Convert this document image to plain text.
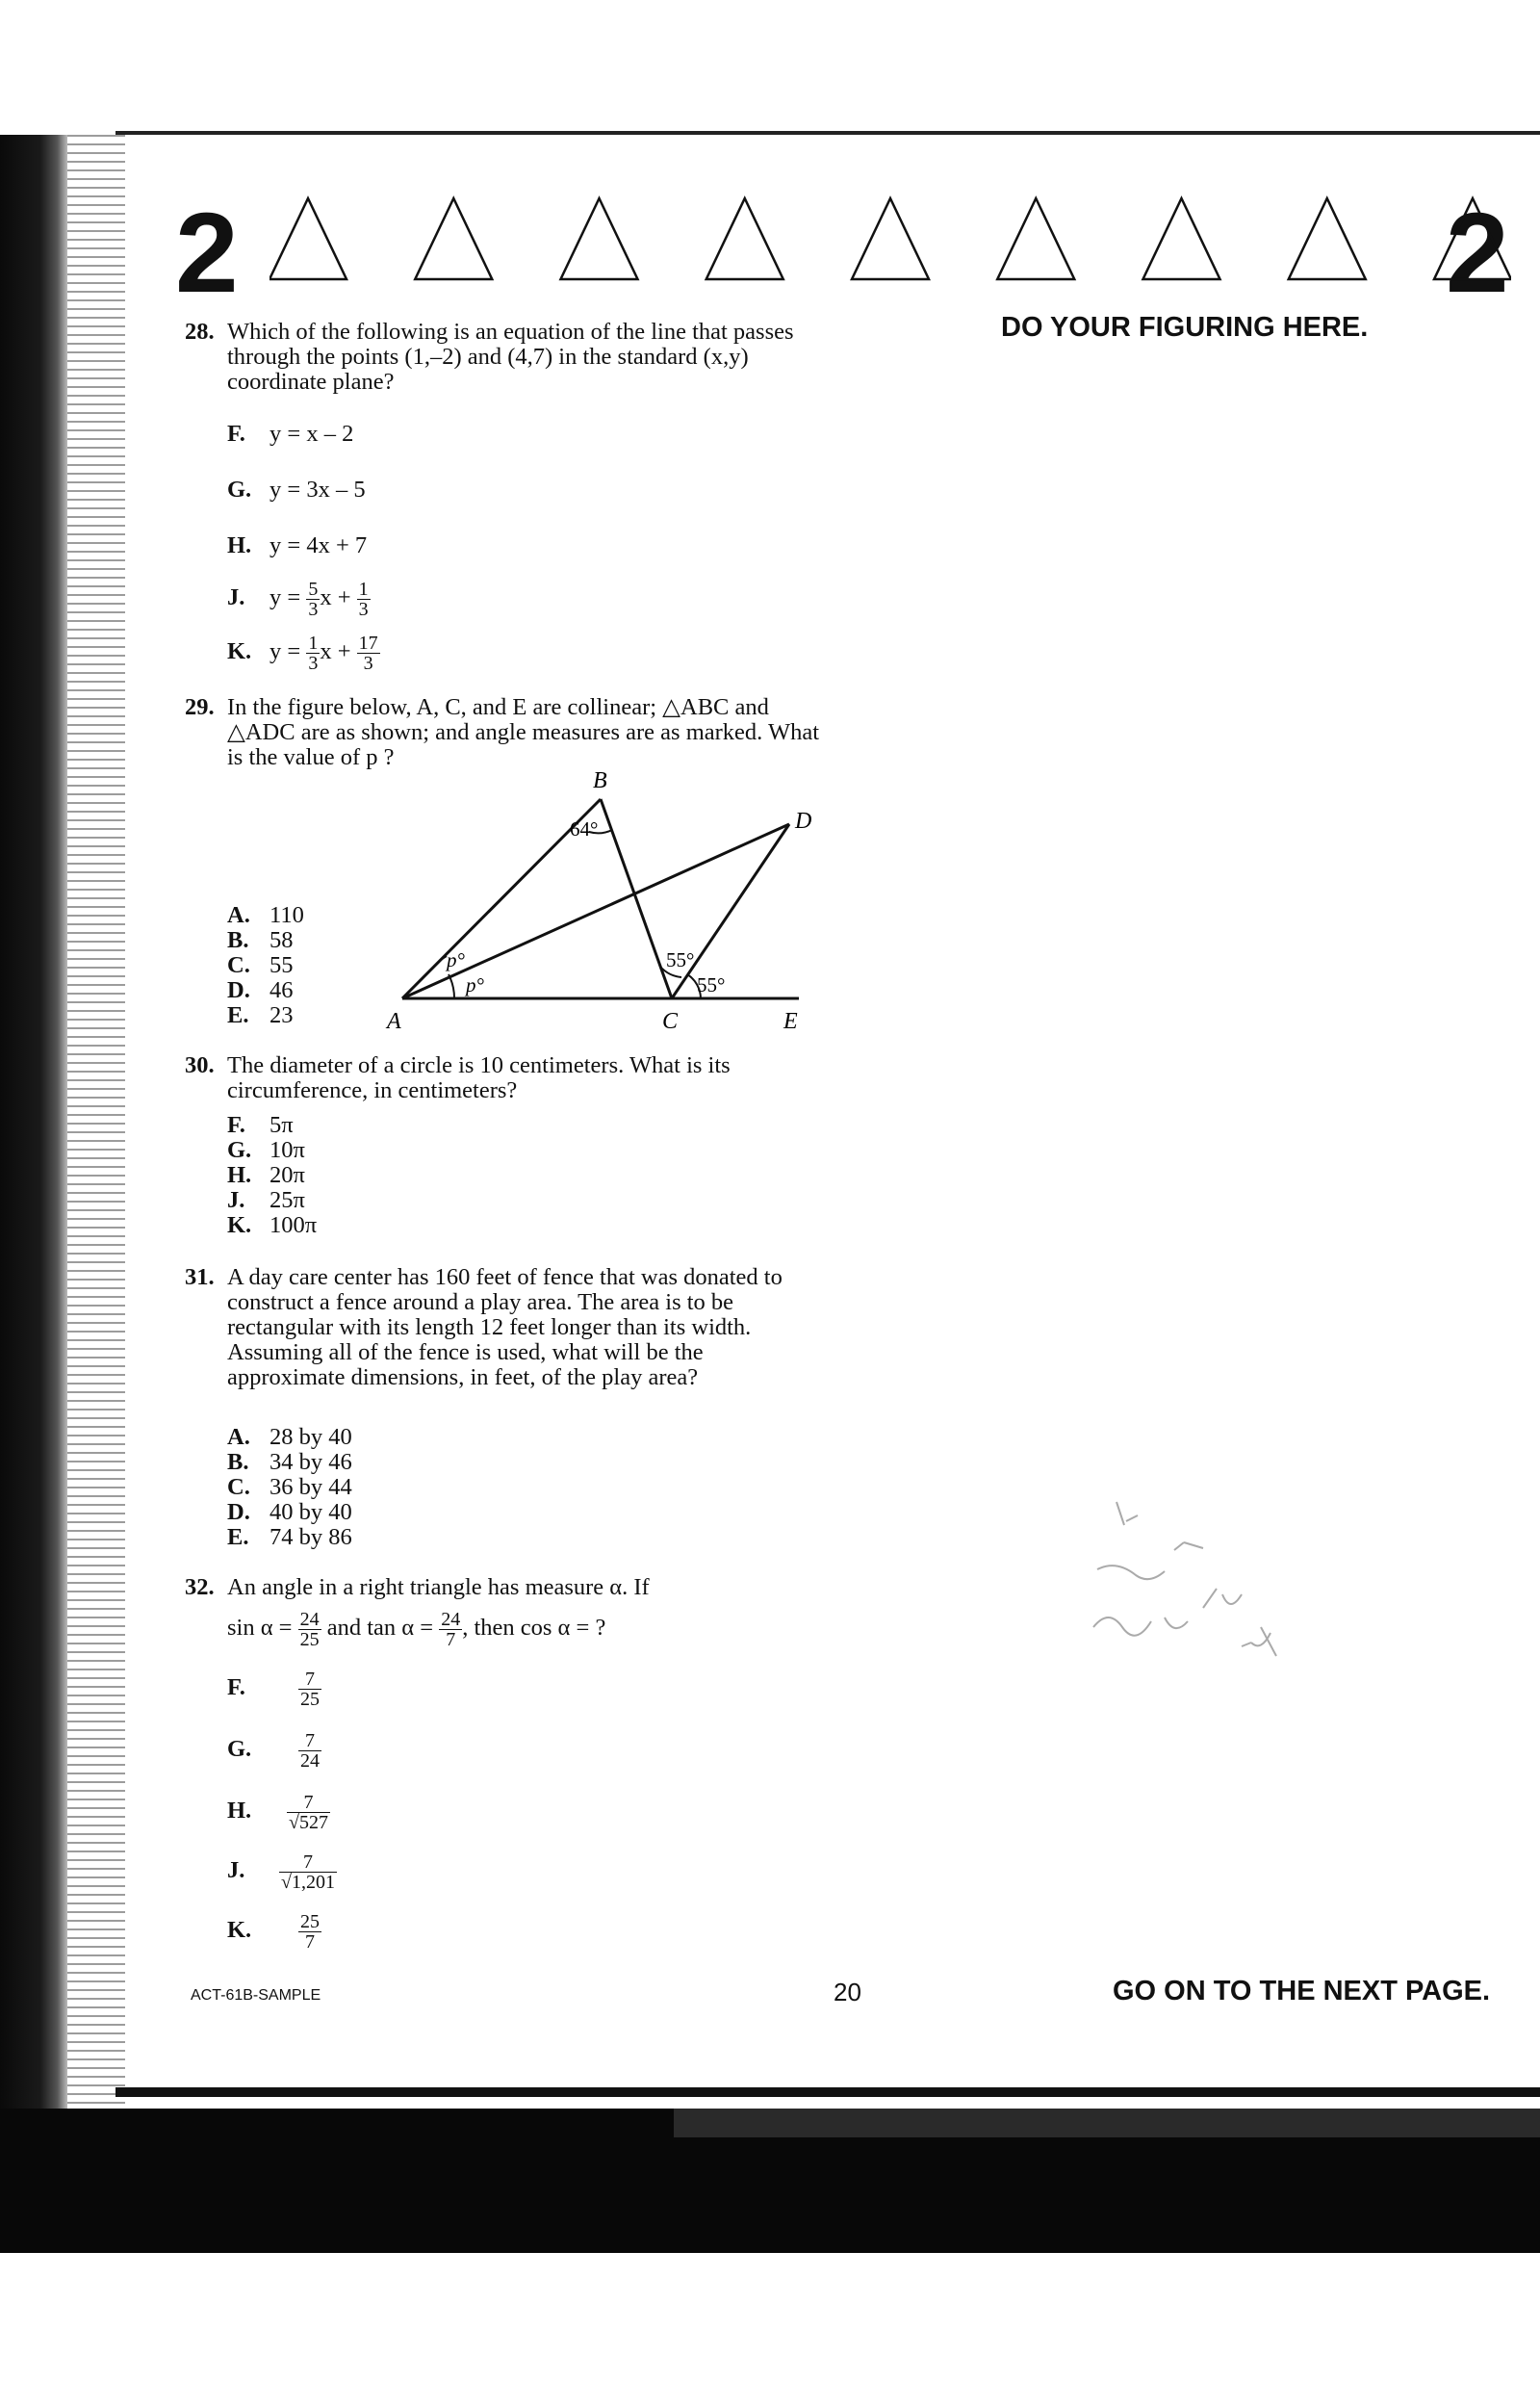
2	2
DO YOUR FIGURING HERE.
28. Which of the following is an equation of the line that passes through the points (1,–2) and (4,7) in the standard (x,y) coordinate plane?
F. y = x – 2
G. y = 3x – 5
H. y = 4x + 7
J. $y = \frac{5}{3}$ $x + \frac{1}{3}$
K. $y = \frac{1}{3}$ $x + \frac{17}{3}$
29. In the figure below, A, C, and E are collinear; △ABC and △ADC are as shown; and angle measures are as marked. What is the value of p ?
B
D
A	C	E
64°
p°
p°
55°
55°
A. 110
B. 58
C. 55
D. 46
E. 23
30. The diameter of a circle is 10 centimeters. What is its circumference, in centimeters?
F. 5π
G. 10π
H. 20π
J. 25π
K. 100π
31. A day care center has 160 feet of fence that was donated to construct a fence around a play area. The area is to be rectangular with its length 12 feet longer than its width. Assuming all of the fence is used, what will be the approximate dimensions, in feet, of the play area?
A. 28 by 40
B. 34 by 46
C. 36 by 44
D. 40 by 40
E. 74 by 86
32. An angle in a right triangle has measure α. If
$\sin \alpha = \frac{24}{25}$ and $\tan \alpha = \frac{24}{7}$ , then cos α = ?
F.	$\frac{7}{25}$
G. $\frac{7}{24}$
H. $\frac{7}{√527}$
J. $\frac{7}{√1,201}$
K. $\frac{25}{7}$
ACT-61B-SAMPLE	20	GO ON TO THE NEXT PAGE.
